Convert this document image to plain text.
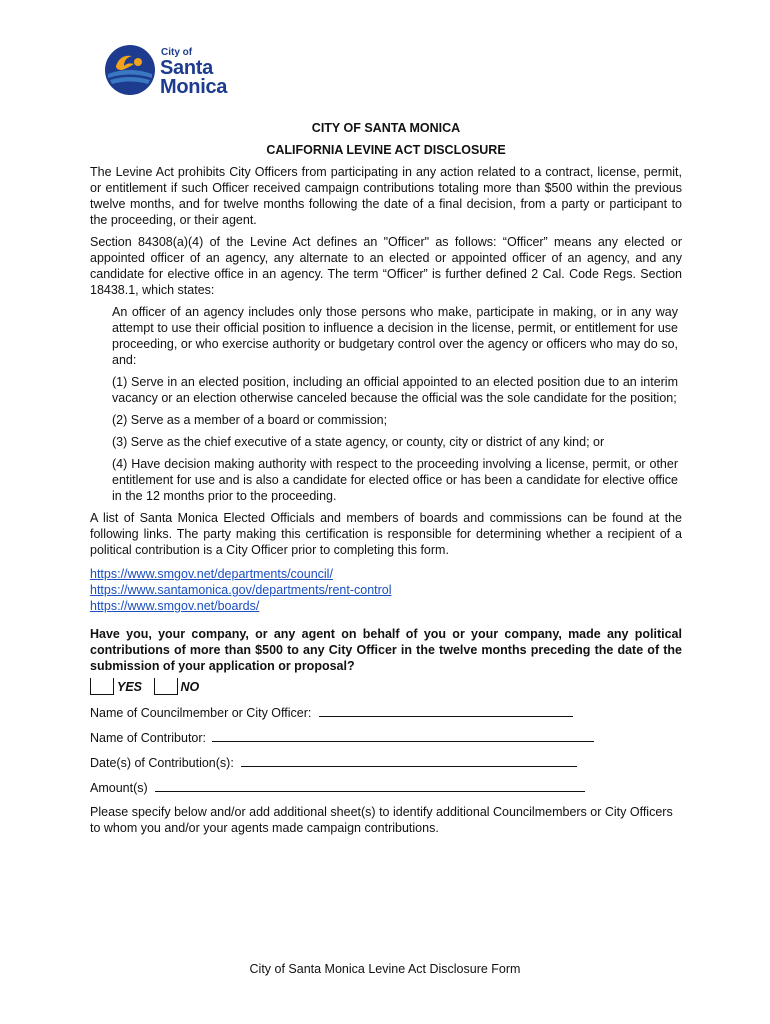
City of
Santa
Monica
CITY OF SANTA MONICA
CALIFORNIA LEVINE ACT DISCLOSURE

The Levine Act prohibits City Officers from participating in any action related to a contract, license, permit, or entitlement if such Officer received campaign contributions totaling more than $500 within the previous twelve months, and for twelve months following the date of a final decision, from a party or participant to the proceeding, or their agent.

Section 84308(a)(4) of the Levine Act defines an "Officer" as follows: “Officer” means any elected or appointed officer of an agency, any alternate to an elected or appointed officer of an agency, and any candidate for elective office in an agency. The term “Officer” is further defined 2 Cal. Code Regs. Section 18438.1, which states:

An officer of an agency includes only those persons who make, participate in making, or in any way attempt to use their official position to influence a decision in the license, permit, or entitlement for use proceeding, or who exercise authority or budgetary control over the agency or officers who may do so, and:

(1) Serve in an elected position, including an official appointed to an elected position due to an interim vacancy or an election otherwise canceled because the official was the sole candidate for the position;

(2) Serve as a member of a board or commission;

(3) Serve as the chief executive of a state agency, or county, city or district of any kind; or

(4) Have decision making authority with respect to the proceeding involving a license, permit, or other entitlement for use and is also a candidate for elected office or has been a candidate for elective office in the 12 months prior to the proceeding.

A list of Santa Monica Elected Officials and members of boards and commissions can be found at the following links. The party making this certification is responsible for determining whether a recipient of a political contribution is a City Officer prior to completing this form.

https://www.smgov.net/departments/council/
https://www.santamonica.gov/departments/rent-control
https://www.smgov.net/boards/
Have you, your company, or any agent on behalf of you or your company, made any political contributions of more than $500 to any City Officer in the twelve months preceding the date of the submission of your application or proposal?
YES	NO
Name of Councilmember or City Officer:
Name of Contributor:
Date(s) of Contribution(s):
Amount(s)

Please specify below and/or add additional sheet(s) to identify additional Councilmembers or City Officers to whom you and/or your agents made campaign contributions.

City of Santa Monica Levine Act Disclosure Form
